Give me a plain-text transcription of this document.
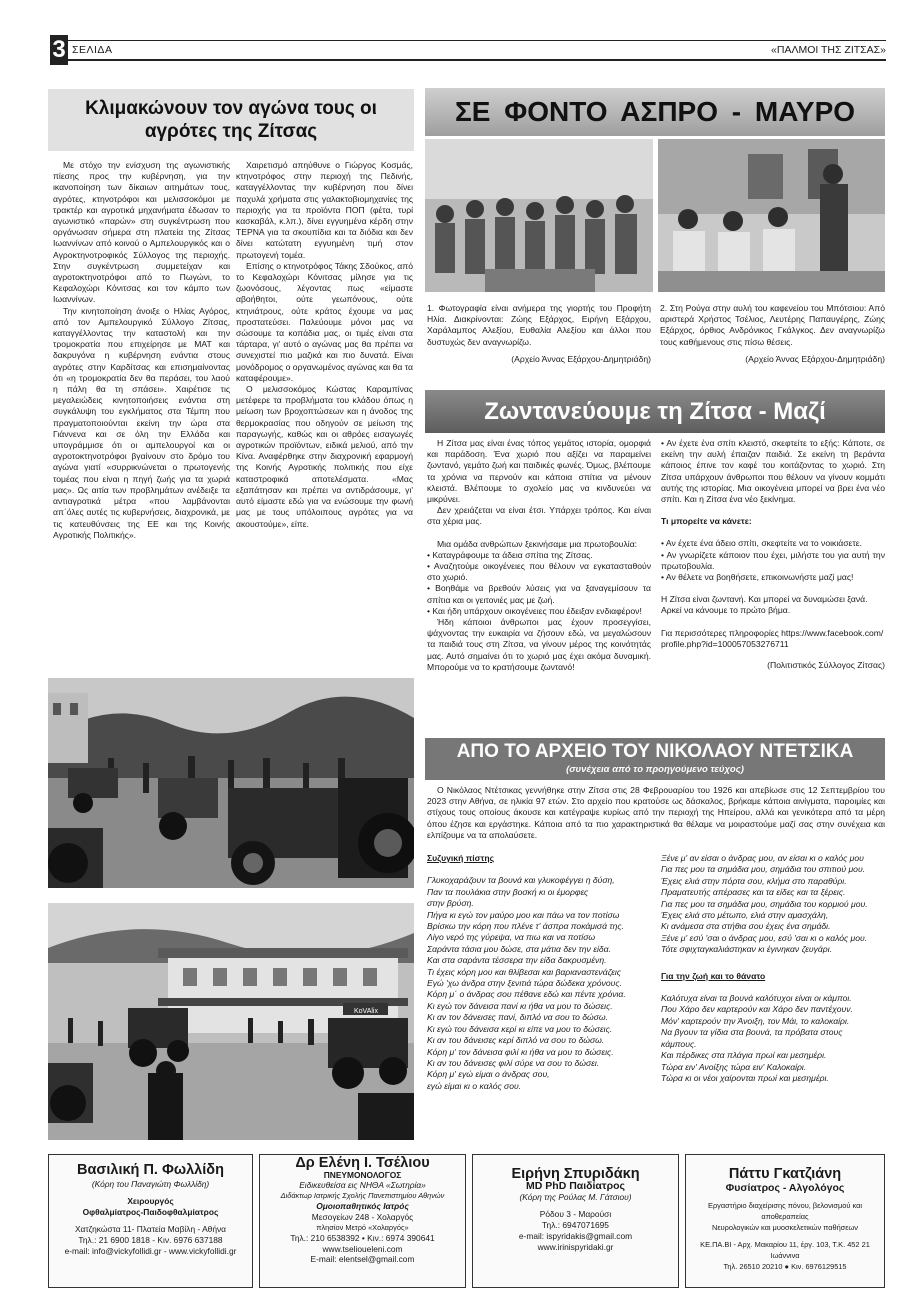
3 ΣΕΛΙΔΑ	«ΠΑΛΜΟΙ ΤΗΣ ΖΙΤΣΑΣ»
Κλιμακώνουν τον αγώνα τους οι αγρότες της Ζίτσας

Με στόχο την ενίσχυση της αγωνιστικής πίεσης προς την κυβέρνηση, για την ικανοποίηση των δίκαιων αιτημάτων τους, αγρότες, κτηνοτρόφοι και μελισσοκόμοι με τρακτέρ και αγροτικά μηχανήματα έδωσαν το αγωνιστικό «παρών» στη συγκέντρωση που οργάνωσαν σήμερα στη πλατεία της Ζίτσας Ιωαννίνων από κοινού ο Αμπελουργικός και ο Αγροκτηνοτροφικός Σύλλογος της περιοχής. Στην συγκέντρωση συμμετείχαν και αγροτοκτηνοτρόφοι από το Πωγώνι, το Κεφαλοχώρι Κόνιτσας και τον κάμπο των Ιωαννίνων.

Την κινητοποίηση άνοιξε ο Ηλίας Αγόρος, από τον Αμπελουργικό Σύλλογο Ζίτσας, καταγγέλλοντας την καταστολή και την τρομοκρατία που επιχείρησε με ΜΑΤ και δακρυγόνα η κυβέρνηση ενάντια στους αγρότες στην Καρδίτσας και επισημαίνοντας ότι «η τρομοκρατία δεν θα περάσει, του λαού η πάλη θα τη σπάσει». Χαιρέτισε τις μεγαλειώδεις κινητοποιήσεις ενάντια στη συγκάλυψη του εγκλήματος στα Τέμπη που πραγματοποιούνται εκείνη την ώρα στα Γιάννενα και σε όλη την Ελλάδα και υπογράμμισε ότι οι αμπελουργοί και οι αγροτοκτηνοτρόφοι βγαίνουν στο δρόμο του αγώνα γιατί «συρρικνώνεται ο πρωτογενής τομέας που είναι η πηγή ζωής για τα χωριά μας». Ως αιτία των προβλημάτων ανέδειξε τα αντιαγροτικά μέτρα «που λαμβάνονται απ΄όλες αυτές τις κυβερνήσεις, διαχρονικά, με τις κατευθύνσεις της ΕΕ και της Κοινής Αγροτικής Πολιτικής».

Χαιρετισμό απηύθυνε ο Γιώργος Κοσμάς, κτηνοτρόφος στην περιοχή της Πεδινής, καταγγέλλοντας την κυβέρνηση που δίνει παχυλά χρήματα στις γαλακτοβιομηχανίες της περιοχής για τα προϊόντα ΠΟΠ (φέτα, τυρί κασκαβάλ, κ.λπ.), δίνει εγγυημένα κέρδη στην ΤΕΡΝΑ για τα σκουπίδια και τα διόδια και δεν δίνει κατώτατη εγγυημένη τιμή στον πρωτογενή τομέα.

Επίσης ο κτηνοτρόφος Τάκης Σδούκος, από το Κεφαλοχώρι Κόνιτσας μίλησε για τις ζωονόσους, λέγοντας πως «είμαστε αβοήθητοι, ούτε γεωπόνους, ούτε κτηνιάτρους, ούτε κράτος έχουμε να μας προστατεύσει. Παλεύουμε μόνοι μας να σώσουμε τα κοπάδια μας, οι τιμές είναι στα τάρταρα, γι' αυτό ο αγώνας μας θα πρέπει να συνεχιστεί πιο μαζικά και πιο δυνατά. Είναι μονόδρομος ο οργανωμένος αγώνας και θα τα καταφέρουμε».

Ο μελισσοκόμος Κώστας Καραμπίνας μετέφερε τα προβλήματα του κλάδου όπως η μείωση των βροχοπτώσεων και η άνοδος της θερμοκρασίας που οδηγούν σε μείωση της παραγωγής, καθώς και οι αθρόες εισαγωγές αγροτικών προϊόντων, ειδικά μελιού, από την Κίνα. Αναφέρθηκε στην διαχρονική εφαρμογή της Κοινής Αγροτικής πολιτικής που είχε καταστροφικά αποτελέσματα. «Μας εξαπάτησαν και πρέπει να αντιδράσουμε, γι' αυτό είμαστε εδώ για να ενώσουμε την φωνή μας με τους υπόλοιπους αγρότες για να ακουστούμε», είπε.

KoVAlix
ΣΕ ΦΟΝΤΟ ΑΣΠΡΟ - ΜΑΥΡΟ
1. Φωτογραφία είναι ανήμερα της γιορτής του Προφήτη Ηλία. Διακρίνονται: Ζώης Εξάρχος, Ειρήνη Εξάρχου, Χαράλαμπος Αλεξίου, Ευθαλία Αλεξίου και άλλοι που δυστυχώς δεν αναγνωρίζω.
(Αρχείο Άννας Εξάρχου-Δημητριάδη)
2. Στη Ρούγα στην αυλή του καφενείου του Μπότσιου: Από αριστερά Χρήστος Τσέλιος, Λευτέρης Παπαυγέρης, Ζώης Εξάρχος, όρθιος Ανδρόνικος Γκάλγκος. Δεν αναγνωρίζω τους καθήμενους στις πίσω θέσεις.
(Αρχείο Άννας Εξάρχου-Δημητριάδη)
Ζωντανεύουμε τη Ζίτσα - Μαζί Μπορούμε!

Η Ζίτσα μας είναι ένας τόπος γεμάτος ιστορία, ομορφιά και παράδοση. Ένα χωριό που αξίζει να παραμείνει ζωντανό, γεμάτο ζωή και παιδικές φωνές. Όμως, βλέπουμε τα χρόνια να περνούν και κάποια σπίτια να μένουν κλειστά. Βλέπουμε το σχολείο μας να κινδυνεύει να μικρύνει.

Δεν χρειάζεται να είναι έτσι. Υπάρχει τρόπος. Και είναι στα χέρια μας.

Μια ομάδα ανθρώπων ξεκινήσαμε μια πρωτοβουλία:

• Καταγράφουμε τα άδεια σπίτια της Ζίτσας.

• Αναζητούμε οικογένειες που θέλουν να εγκατασταθούν στο χωριό.

• Βοηθάμε να βρεθούν λύσεις για να ξαναγεμίσουν τα σπίτια και οι γειτονιές μας με ζωή.

• Και ήδη υπάρχουν οικογένειες που έδειξαν ενδιαφέρον!

Ήδη κάποιοι άνθρωποι μας έχουν προσεγγίσει, ψάχνοντας την ευκαιρία να ζήσουν εδώ, να μεγαλώσουν τα παιδιά τους στη Ζίτσα, να γίνουν μέρος της κοινότητάς μας. Αυτό σημαίνει ότι το χωριό μας έχει ακόμα δυναμική. Μπορούμε να το κρατήσουμε ζωντανό!

• Αν έχετε ένα σπίτι κλειστό, σκεφτείτε το εξής: Κάποτε, σε εκείνη την αυλή έπαιζαν παιδιά. Σε εκείνη τη βεράντα κάποιος έπινε τον καφέ του κοιτάζοντας το χωριό. Στη Ζίτσα υπάρχουν άνθρωποι που θέλουν να γίνουν κομμάτι αυτής της ιστορίας. Μια οικογένεια μπορεί να βρει ένα νέο σπίτι. Και η Ζίτσα ένα νέο ξεκίνημα.
Τι μπορείτε να κάνετε:
• Αν έχετε ένα άδειο σπίτι, σκεφτείτε να το νοικιάσετε.
• Αν γνωρίζετε κάποιον που έχει, μιλήστε του για αυτή την πρωτοβουλία.
• Αν θέλετε να βοηθήσετε, επικοινωνήστε μαζί μας!
Η Ζίτσα είναι ζωντανή. Και μπορεί να δυναμώσει ξανά.
Αρκεί να κάνουμε το πρώτο βήμα.
Για περισσότερες πληροφορίες https://www.facebook.com/profile.php?id=100057053276711
(Πολιτιστικός Σύλλογος Ζίτσας)
ΑΠΟ ΤΟ ΑΡΧΕΙΟ ΤΟΥ ΝΙΚΟΛΑΟΥ ΝΤΕΤΣΙΚΑ
(συνέχεια από το προηγούμενο τεύχος)
Ο Νικόλαος Ντέτσικας γεννήθηκε στην Ζίτσα στις 28 Φεβρουαρίου του 1926 και απεβίωσε στις 12 Σεπτεμβρίου του 2023 στην Αθήνα, σε ηλικία 97 ετών. Στο αρχείο που κρατούσε ως δάσκαλος, βρήκαμε κάποια αινίγματα, παροιμίες και στίχους τους οποίους άκουσε και κατέγραψε κυρίως από την περιοχή της Ηπείρου, αλλά και γενικότερα από τα μέρη όπου έζησε και εργάστηκε. Κάποια από τα πιο χαρακτηριστικά θα θέλαμε να μοιραστούμε μαζί σας στην συνέχεια και ελπίζουμε να τα απολαύσετε.
Συζυγική πίστης
Γλυκοχαράζουν τα βουνά και γλυκοφέγγει η δύση,
Παν τα πουλάκια στην βοσκή κι οι έμορφες
στην βρύση.
Πήγα κι εγώ τον μαύρο μου και πάω να τον ποτίσω
Βρίσκω την κόρη που πλένε τ' άσπρα ποκάμισά της.
Λίγο νερό της γύρεψα, να πιω και να ποτίσω
Σαράντα τάσια μου δώσε, στα μάτια δεν την είδα.
Και στα σαράντα τέσσερα την είδα δακρυσμένη.
Τι έχεις κόρη μου και θλίβεσαι και βαριαναστενάζεις
Εγώ 'χω άνδρα στην ξενιτιά τώρα δώδεκα χρόνους.
Κόρη μ΄ ο άνδρας σου πέθανε εδώ και πέντε χρόνια.
Κι εγώ τον δάνεισα πανί κι ήθα να μου το δώσεις.
Κι αν τον δάνεισες πανί, διπλό να σου το δώσω.
Κι εγώ του δάνεισα κερί κι είπε να μου το δώσεις.
Κι αν του δάνεισες κερί διπλό να σου το δώσω.
Κόρη μ' τον δάνεισα φιλί κι ήθα να μου το δώσεις.
Κι αν του δάνεισες φιλί σύρε να σου το δώσει.
Κόρη μ' εγώ είμαι ο άνδρας σου,
εγώ είμαι κι ο καλός σου.
Ξένε μ' αν είσαι ο άνδρας μου, αν είσαι κι ο καλός μου
Για πες μου τα σημάδια μου, σημάδια του σπιτιού μου.
Έχεις ελιά στην πόρτα σου, κλήμα στο παραθύρι.
Πραματευτής απέρασες και τα είδες και τα ξέρεις.
Για πες μου τα σημάδια μου, σημάδια του κορμιού μου.
Έχεις ελιά στο μέτωπο, ελιά στην αμασχάλη,
Κι ανάμεσα στα στήθια σου έχεις ένα σημάδι.
Ξένε μ' εσύ 'σαι ο άνδρας μου, εσύ 'σαι κι ο καλός μου.
Τότε σφιχταγκαλιάστηκαν κι έγινηκαν ζευγάρι.
Για την ζωή και το θάνατο
Καλότυχα είναι τα βουνά καλότυχοι είναι οι κάμποι.
Που Χάρο δεν καρτερούν και Χάρο δεν παντέχουν.
Μόν' καρτερούν την Άνοιξη, τον Μάι, το καλοκαίρι.
Να βγουν τα γίδια στα βουνά, τα πρόβατα στους
κάμπους.
Και πέρδικες στα πλάγια πρωί και μεσημέρι.
Τώρα ειν' Ανοίξης τώρα ειν' Καλοκαίρι.
Τώρα κι οι νέοι χαίρονται πρωί και μεσημέρι.
Βασιλική Π. Φωλλίδη
(Κόρη του Παναγιώτη Φωλλίδη)
Χειρουργός
Οφθαλμίατρος-Παιδοφθαλμίατρος
Χατζηκώστα 11- Πλατεία Μαβίλη - Αθήνα
Τηλ.: 21 6900 1818 - Κιν. 6976 637188
e-mail: info@vickyfollidi.gr - www.vickyfollidi.gr
Δρ Ελένη Ι. Τσέλιου
ΠΝΕΥΜΟΝΟΛΟΓΟΣ
Ειδικευθείσα εις ΝΗΘΑ «Σωτηρία»
Διδάκτωρ Ιατρικής Σχολής Πανεπιστημίου Αθηνών
Ομοιοπαθητικός Ιατρός
Μεσογείων 248 - Χολαργός
πλησίον Μετρό «Χολαργός»
Τηλ.: 210 6538392 • Κιν.: 6974 390641
www.tselioueleni.com
E-mail: elentsel@gmail.com
Ειρήνη Σπυριδάκη
MD PhD Παιδίατρος
(Κόρη της Ρούλας Μ. Γάτσιου)
Ρόδου 3 - Μαρούσι
Τηλ.: 6947071695
e-mail: ispyridakis@gmail.com
www.irinispyridaki.gr
Πάττυ Γκατζιάνη
Φυσίατρος - Αλγολόγος
Εργαστήριο διαχείρισης πόνου, βελονισμού και αποθεραπείας
Νευρολογικών και μυοσκελετικών παθήσεων
ΚΕ.ΠΑ.ΒΙ - Αρχ. Μακαρίου 11, έργ. 103, Τ.Κ. 452 21 Ιωάννινα
Τηλ. 26510 20210 ● Κιν. 6976129515
